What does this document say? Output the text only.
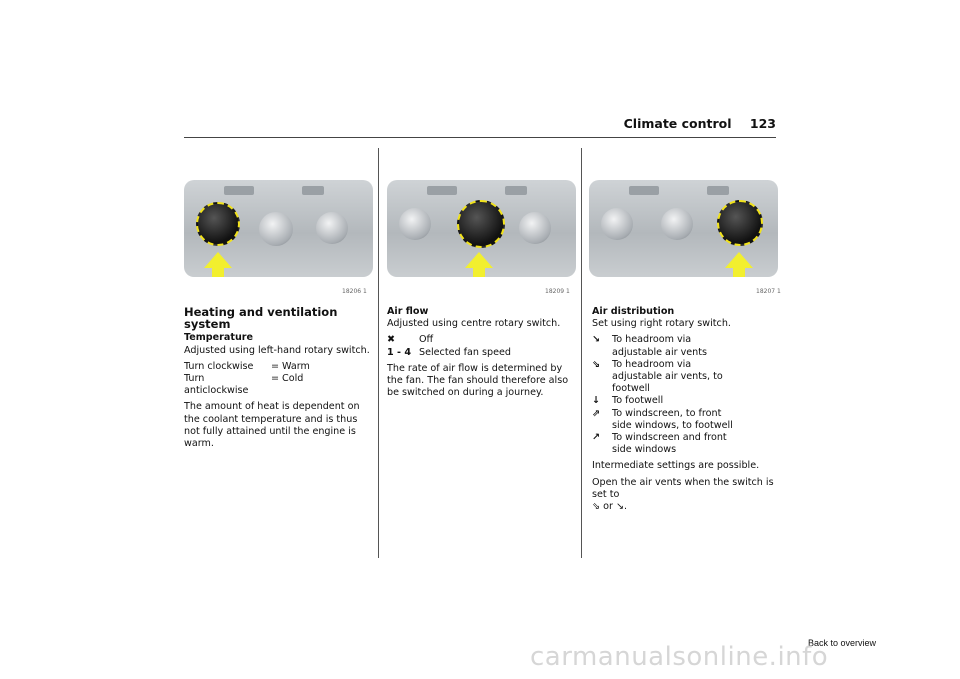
Climate control 123
18206 1	18209 1	18207 1
Heating and ventilation system
Temperature

Adjusted using left-hand rotary switch.

Turn clockwise	=	Warm
Turn anticlockwise	=	Cold

The amount of heat is dependent on the coolant temperature and is thus not fully attained until the engine is warm.

Air flow

Adjusted using centre rotary switch.

✖	Off
1 - 4	Selected fan speed

The rate of air flow is determined by the fan. The fan should therefore also be switched on during a journey.

Air distribution

Set using right rotary switch.

↘	To headroom via adjustable air vents
⇘	To headroom via adjustable air vents, to footwell
↓	To footwell
⇗	To windscreen, to front side windows, to footwell
↗	To windscreen and front side windows

Intermediate settings are possible.

Open the air vents when the switch is set to
⇘ or ↘.

Back to overview
carmanualsonline.info
